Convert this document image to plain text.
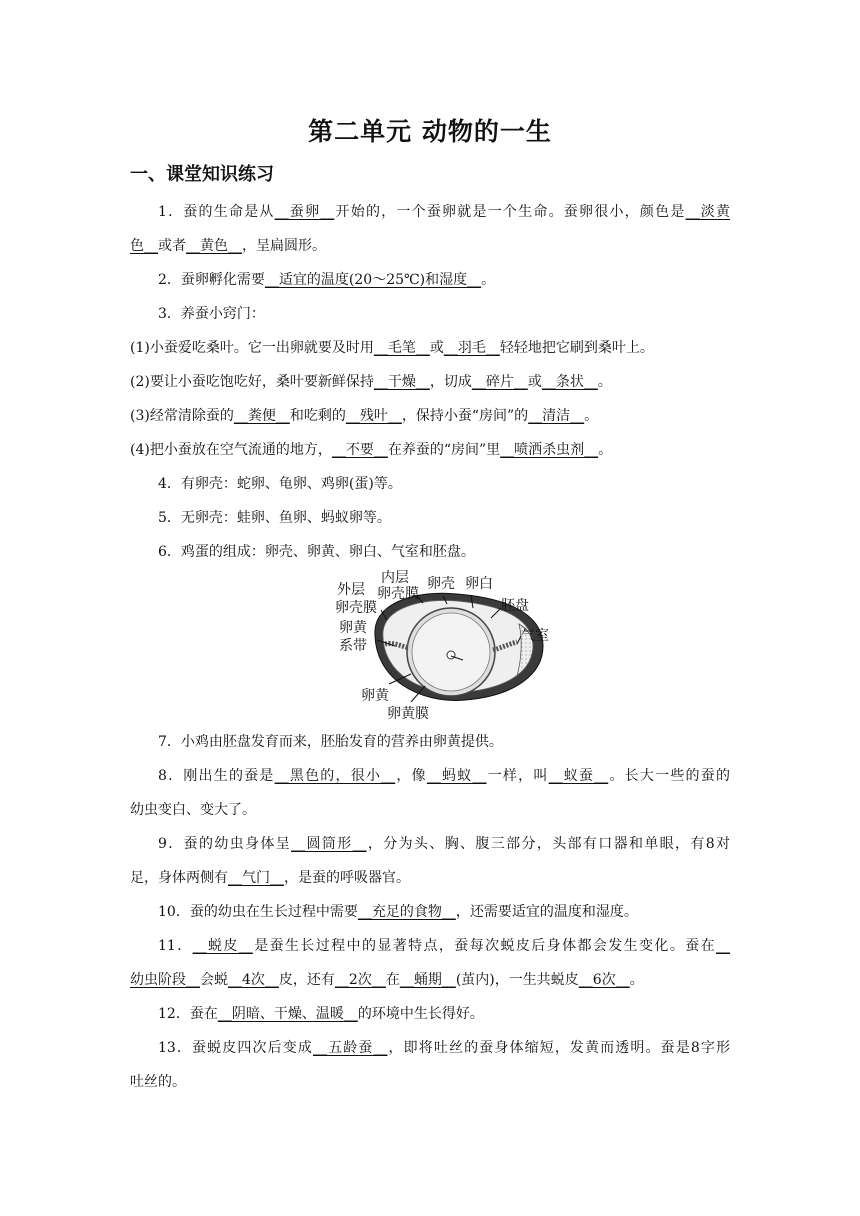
第二单元 动物的一生
一、课堂知识练习
1．蚕的生命是从__蚕卵__开始的，一个蚕卵就是一个生命。蚕卵很小，颜色是__淡黄
色__或者__黄色__，呈扁圆形。
2．蚕卵孵化需要__适宜的温度(20～25℃)和湿度__。
3．养蚕小窍门：
(1)小蚕爱吃桑叶。它一出卵就要及时用__毛笔__或__羽毛__轻轻地把它刷到桑叶上。
(2)要让小蚕吃饱吃好，桑叶要新鲜保持__干燥__，切成__碎片__或__条状__。
(3)经常清除蚕的__粪便__和吃剩的__残叶__，保持小蚕“房间”的__清洁__。
(4)把小蚕放在空气流通的地方，__不要__在养蚕的“房间”里__喷洒杀虫剂__。
4．有卵壳：蛇卵、龟卵、鸡卵(蛋)等。
5．无卵壳：蛙卵、鱼卵、蚂蚁卵等。
6．鸡蛋的组成：卵壳、卵黄、卵白、气室和胚盘。
内层
卵壳膜
外层
卵壳膜
卵壳 卵白
胚盘
气室
卵黄
系带
卵黄
卵黄膜
7．小鸡由胚盘发育而来，胚胎发育的营养由卵黄提供。
8．刚出生的蚕是__黑色的，很小__，像__蚂蚁__一样，叫__蚁蚕__。长大一些的蚕的
幼虫变白、变大了。
9．蚕的幼虫身体呈__圆筒形__，分为头、胸、腹三部分，头部有口器和单眼，有8对
足，身体两侧有__气门__，是蚕的呼吸器官。
10．蚕的幼虫在生长过程中需要__充足的食物__，还需要适宜的温度和湿度。
11．__蜕皮__是蚕生长过程中的显著特点，蚕每次蜕皮后身体都会发生变化。蚕在__
幼虫阶段__会蜕__4次__皮，还有__2次__在__蛹期__(茧内)，一生共蜕皮__6次__。
12．蚕在__阴暗、干燥、温暖__的环境中生长得好。
13．蚕蜕皮四次后变成__五龄蚕__，即将吐丝的蚕身体缩短，发黄而透明。蚕是8字形
吐丝的。
